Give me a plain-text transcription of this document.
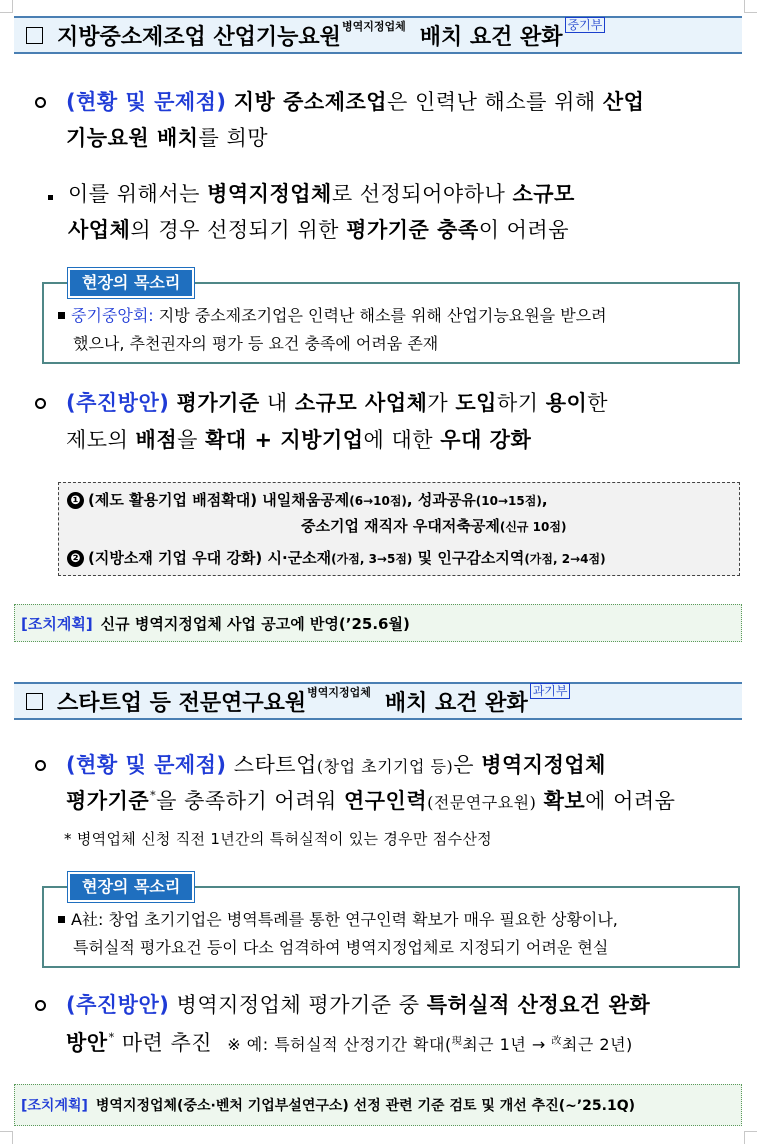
지방중소제조업 산업기능요원 병역지정업체 배치 요건 완화 중기부
(현황 및 문제점) 지방 중소제조업은 인력난 해소를 위해 산업
기능요원 배치를 희망
이를 위해서는 병역지정업체로 선정되어야하나 소규모
사업체의 경우 선정되기 위한 평가기준 충족이 어려움
중기중앙회: 지방 중소제조기업은 인력난 해소를 위해 산업기능요원을 받으려
했으나, 추천권자의 평가 등 요건 충족에 어려움 존재
현장의 목소리
(추진방안) 평가기준 내 소규모 사업체가 도입하기 용이한
제도의 배점을 확대 + 지방기업에 대한 우대 강화
❶ (제도 활용기업 배점확대) 내일채움공제(6→10점), 성과공유(10→15점),
중소기업 재직자 우대저축공제(신규 10점)
❷ (지방소재 기업 우대 강화) 시·군소재(가점, 3→5점) 및 인구감소지역(가점, 2→4점)
[조치계획] 신규 병역지정업체 사업 공고에 반영(’25.6월)
스타트업 등 전문연구요원 병역지정업체 배치 요건 완화 과기부
(현황 및 문제점) 스타트업(창업 초기기업 등)은 병역지정업체
평가기준*을 충족하기 어려워 연구인력(전문연구요원) 확보에 어려움
* 병역업체 신청 직전 1년간의 특허실적이 있는 경우만 점수산정
A社: 창업 초기기업은 병역특례를 통한 연구인력 확보가 매우 필요한 상황이나,
특허실적 평가요건 등이 다소 엄격하여 병역지정업체로 지정되기 어려운 현실
현장의 목소리
(추진방안) 병역지정업체 평가기준 중 특허실적 산정요건 완화
방안* 마련 추진 ※ 예: 특허실적 산정기간 확대($^現$최근 1년 → $^改$최근 2년)
[조치계획] 병역지정업체(중소·벤처 기업부설연구소) 선정 관련 기준 검토 및 개선 추진(~’25.1Q)
